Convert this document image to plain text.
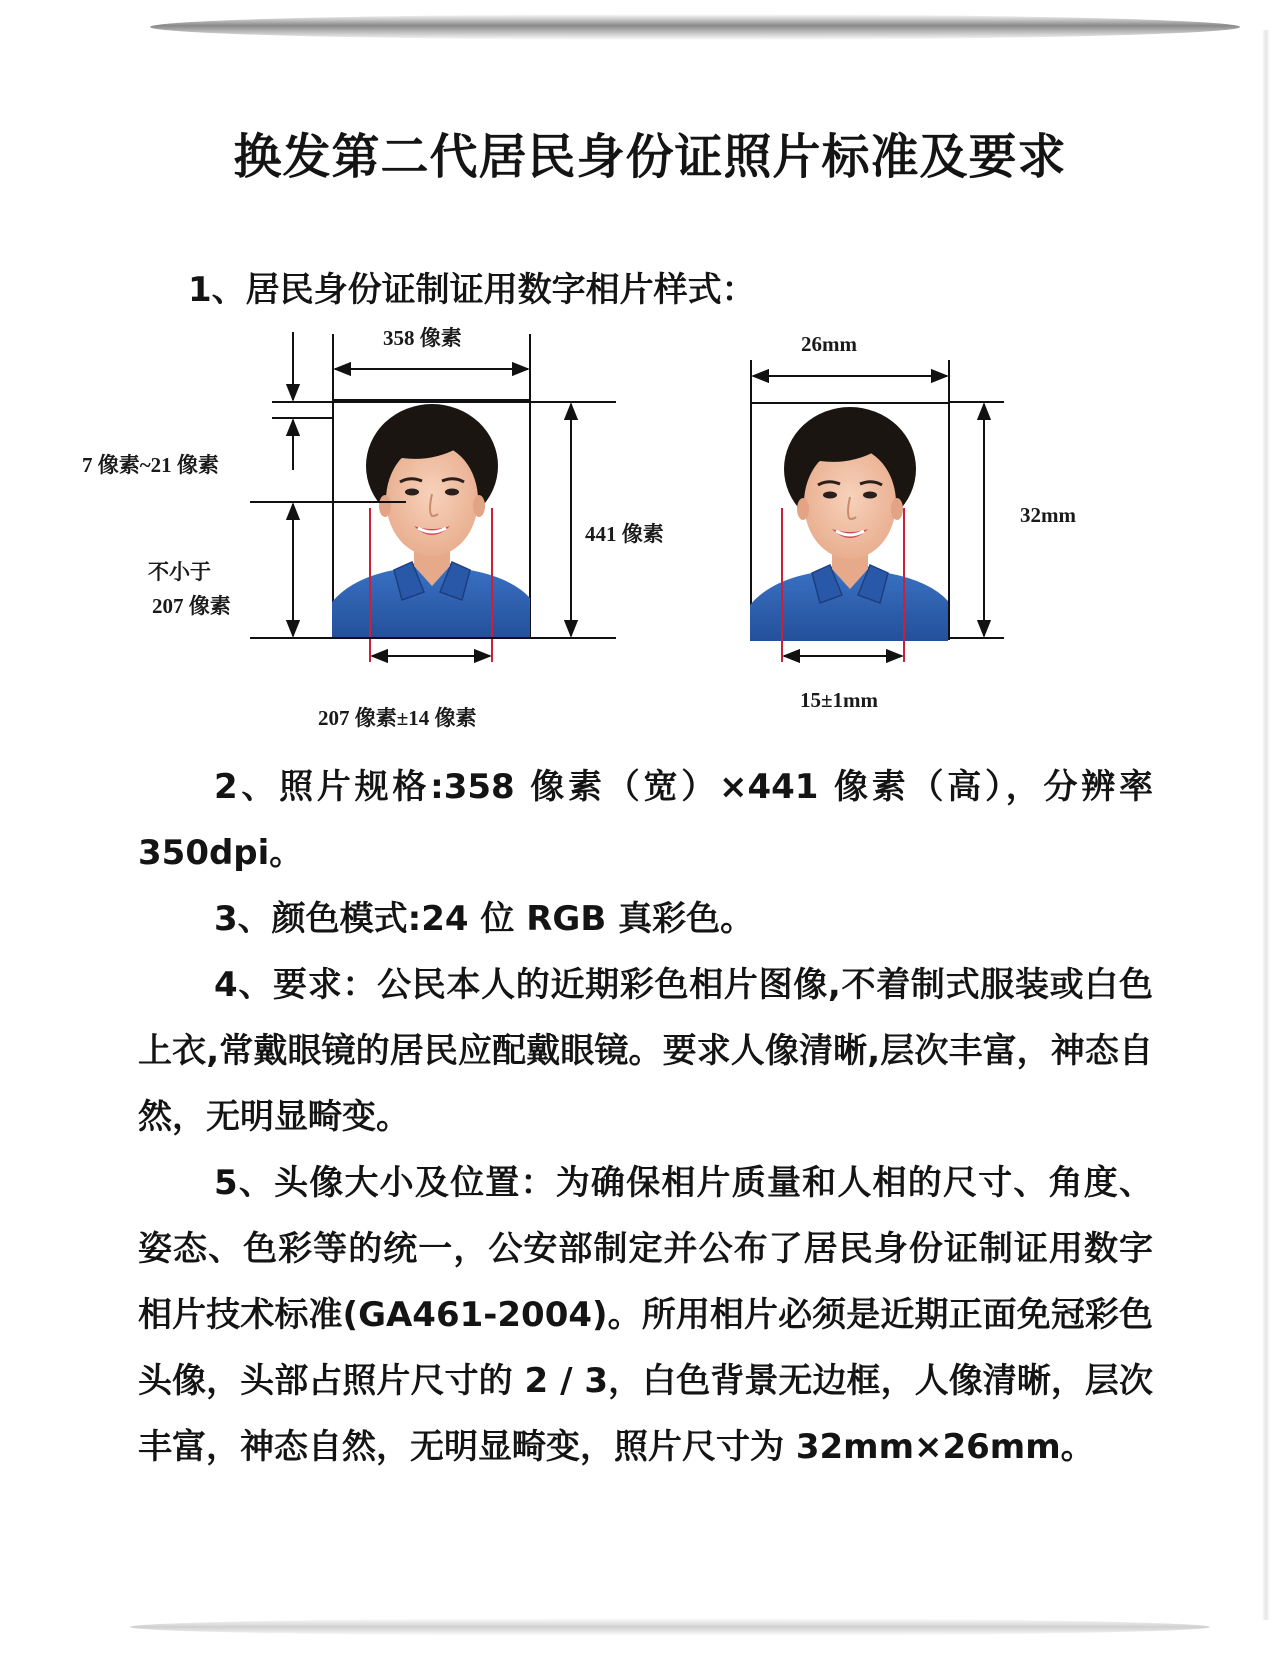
换发第二代居民身份证照片标准及要求
1、居民身份证制证用数字相片样式：
358 像素
7 像素~21 像素
441 像素
不小于
207 像素
207 像素±14 像素
26mm
32mm
15±1mm

2、照片规格:358 像素（宽）×441 像素（高），分辨率350dpi。

3、颜色模式:24 位 RGB 真彩色。

4、要求：公民本人的近期彩色相片图像,不着制式服装或白色上衣,常戴眼镜的居民应配戴眼镜。要求人像清晰,层次丰富，神态自然，无明显畸变。

5、头像大小及位置：为确保相片质量和人相的尺寸、角度、姿态、色彩等的统一，公安部制定并公布了居民身份证制证用数字相片技术标准(GA461-2004)。所用相片必须是近期正面免冠彩色头像，头部占照片尺寸的 2 / 3，白色背景无边框，人像清晰，层次丰富，神态自然，无明显畸变，照片尺寸为 32mm×26mm。
